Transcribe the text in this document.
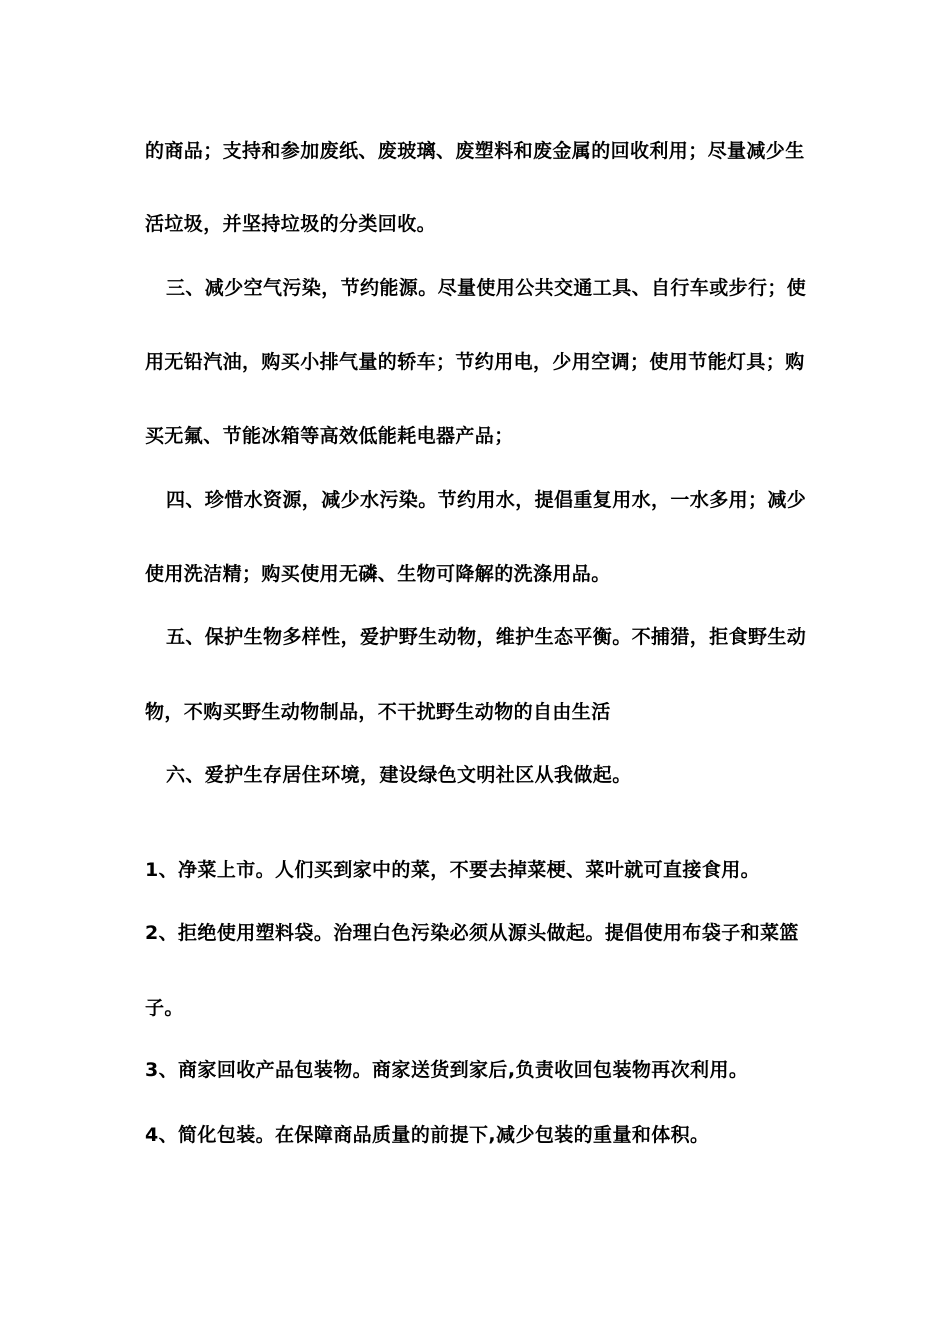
的商品；支持和参加废纸、废玻璃、废塑料和废金属的回收利用；尽量减少生
活垃圾，并坚持垃圾的分类回收。
三、减少空气污染，节约能源。尽量使用公共交通工具、自行车或步行；使
用无铅汽油，购买小排气量的轿车；节约用电，少用空调；使用节能灯具；购
买无氟、节能冰箱等高效低能耗电器产品；
四、珍惜水资源，减少水污染。节约用水，提倡重复用水，一水多用；减少
使用洗洁精；购买使用无磷、生物可降解的洗涤用品。
五、保护生物多样性，爱护野生动物，维护生态平衡。不捕猎，拒食野生动
物，不购买野生动物制品，不干扰野生动物的自由生活
六、爱护生存居住环境，建设绿色文明社区从我做起。
1、净菜上市。人们买到家中的菜，不要去掉菜梗、菜叶就可直接食用。
2、拒绝使用塑料袋。治理白色污染必须从源头做起。提倡使用布袋子和菜篮
子。
3、商家回收产品包装物。商家送货到家后,负责收回包装物再次利用。
4、简化包装。在保障商品质量的前提下,减少包装的重量和体积。
